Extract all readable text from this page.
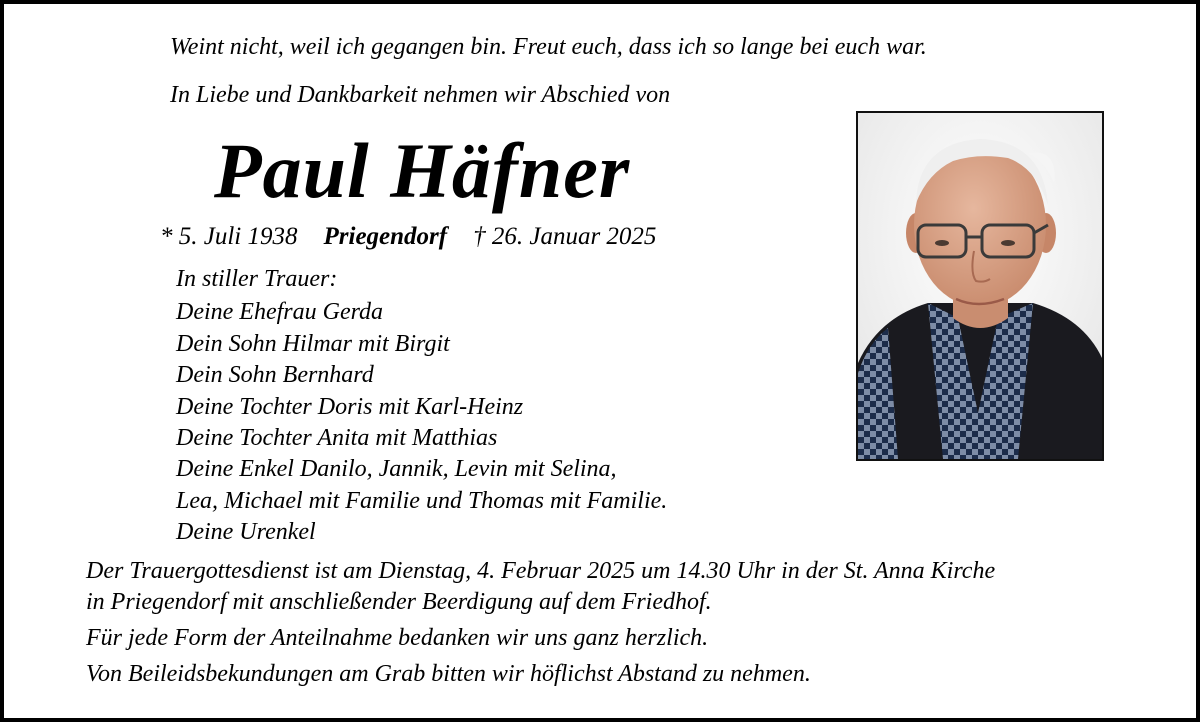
Weint nicht, weil ich gegangen bin. Freut euch, dass ich so lange bei euch war.
In Liebe und Dankbarkeit nehmen wir Abschied von
Paul Häfner
* 5. Juli 1938 Priegendorf † 26. Januar 2025
In stiller Trauer:
Deine Ehefrau Gerda
Dein Sohn Hilmar mit Birgit
Dein Sohn Bernhard
Deine Tochter Doris mit Karl-Heinz
Deine Tochter Anita mit Matthias
Deine Enkel Danilo, Jannik, Levin mit Selina,
Lea, Michael mit Familie und Thomas mit Familie.
Deine Urenkel

Der Trauergottesdienst ist am Dienstag, 4. Februar 2025 um 14.30 Uhr in der St. Anna Kirche

in Priegendorf mit anschließender Beerdigung auf dem Friedhof.

Für jede Form der Anteilnahme bedanken wir uns ganz herzlich.

Von Beileidsbekundungen am Grab bitten wir höflichst Abstand zu nehmen.
